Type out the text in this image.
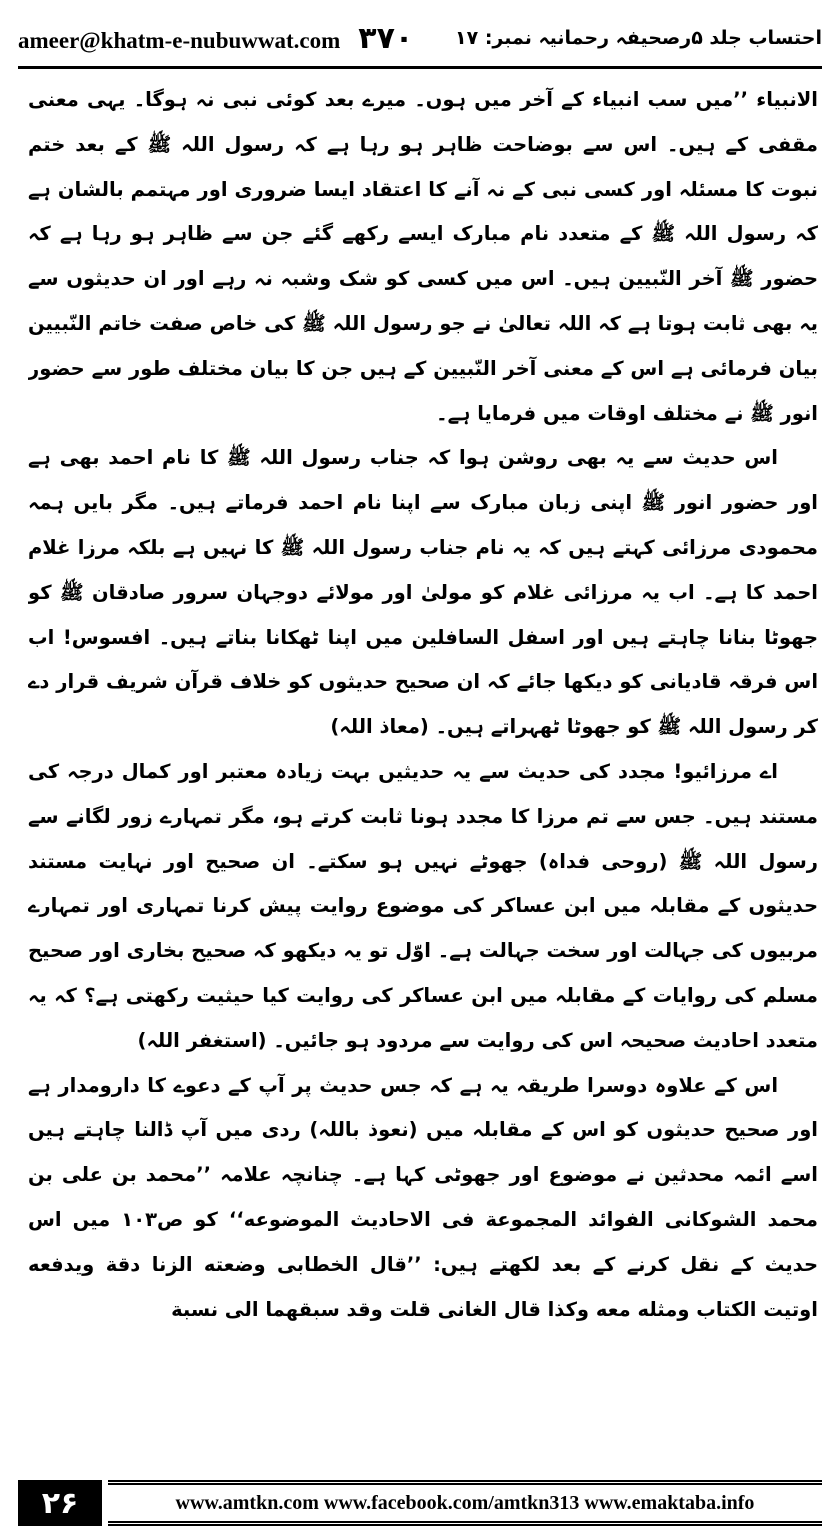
ameer@khatm-e-nubuwwat.com ۳۷۰ احتساب جلد ۵رصحیفہ رحمانیہ نمبر: ۱۷

الانبیاء ’’میں سب انبیاء کے آخر میں ہوں۔ میرے بعد کوئی نبی نہ ہوگا۔ یہی معنی مقفی کے ہیں۔ اس سے بوضاحت ظاہر ہو رہا ہے کہ رسول اللہ ﷺ کے بعد ختم نبوت کا مسئلہ اور کسی نبی کے نہ آنے کا اعتقاد ایسا ضروری اور مہتمم بالشان ہے کہ رسول اللہ ﷺ کے متعدد نام مبارک ایسے رکھے گئے جن سے ظاہر ہو رہا ہے کہ حضور ﷺ آخر النّبیین ہیں۔ اس میں کسی کو شک وشبہ نہ رہے اور ان حدیثوں سے یہ بھی ثابت ہوتا ہے کہ اللہ تعالیٰ نے جو رسول اللہ ﷺ کی خاص صفت خاتم النّبیین بیان فرمائی ہے اس کے معنی آخر النّبیین کے ہیں جن کا بیان مختلف طور سے حضور انور ﷺ نے مختلف اوقات میں فرمایا ہے۔

اس حدیث سے یہ بھی روشن ہوا کہ جناب رسول اللہ ﷺ کا نام احمد بھی ہے اور حضور انور ﷺ اپنی زبان مبارک سے اپنا نام احمد فرماتے ہیں۔ مگر بایں ہمہ محمودی مرزائی کہتے ہیں کہ یہ نام جناب رسول اللہ ﷺ کا نہیں ہے بلکہ مرزا غلام احمد کا ہے۔ اب یہ مرزائی غلام کو مولیٰ اور مولائے دوجہان سرور صادقان ﷺ کو جھوٹا بنانا چاہتے ہیں اور اسفل السافلین میں اپنا ٹھکانا بناتے ہیں۔ افسوس! اب اس فرقہ قادیانی کو دیکھا جائے کہ ان صحیح حدیثوں کو خلاف قرآن شریف قرار دے کر رسول اللہ ﷺ کو جھوٹا ٹھہراتے ہیں۔ (معاذ اللہ)

اے مرزائیو! مجدد کی حدیث سے یہ حدیثیں بہت زیادہ معتبر اور کمال درجہ کی مستند ہیں۔ جس سے تم مرزا کا مجدد ہونا ثابت کرتے ہو، مگر تمہارے زور لگانے سے رسول اللہ ﷺ (روحی فداہ) جھوٹے نہیں ہو سکتے۔ ان صحیح اور نہایت مستند حدیثوں کے مقابلہ میں ابن عساکر کی موضوع روایت پیش کرنا تمہاری اور تمہارے مربیوں کی جہالت اور سخت جہالت ہے۔ اوّل تو یہ دیکھو کہ صحیح بخاری اور صحیح مسلم کی روایات کے مقابلہ میں ابن عساکر کی روایت کیا حیثیت رکھتی ہے؟ کہ یہ متعدد احادیث صحیحہ اس کی روایت سے مردود ہو جائیں۔ (استغفر اللہ)

اس کے علاوہ دوسرا طریقہ یہ ہے کہ جس حدیث پر آپ کے دعوے کا دارومدار ہے اور صحیح حدیثوں کو اس کے مقابلہ میں (نعوذ باللہ) ردی میں آپ ڈالنا چاہتے ہیں اسے ائمہ محدثین نے موضوع اور جھوٹی کہا ہے۔ چنانچہ علامہ ’’محمد بن علی بن محمد الشوکانی الفوائد المجموعة فی الاحادیث الموضوعه‘‘ کو ص۱۰۳ میں اس حدیث کے نقل کرنے کے بعد لکھتے ہیں: ’’قال الخطابی وضعته الزنا دقة ویدفعه اوتیت الکتاب ومثله معه وکذا قال الغانی قلت وقد سبقهما الی نسبة

۲۶	www.amtkn.com www.facebook.com/amtkn313 www.emaktaba.info
